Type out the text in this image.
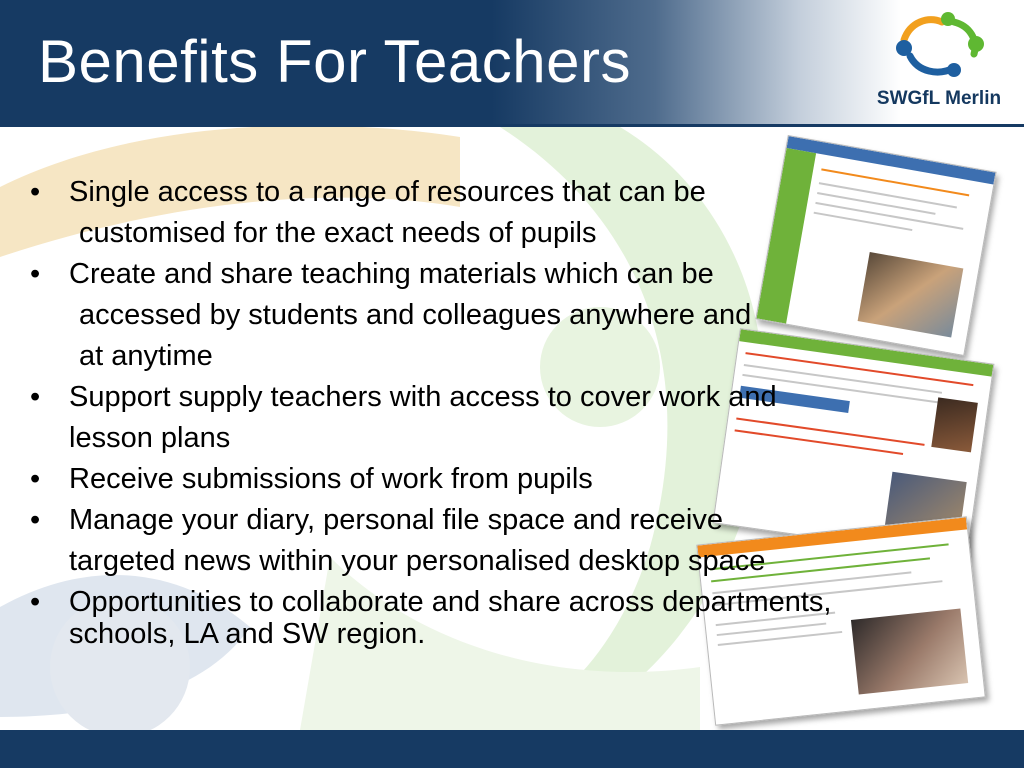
Benefits For Teachers
SWGfL Merlin
• Single access to a range of resources that can be
customised for the exact needs of pupils
• Create and share teaching materials which can be
accessed by students and colleagues anywhere and
at anytime
• Support supply teachers with access to cover work and
lesson plans
• Receive submissions of work from pupils
• Manage your diary, personal file space and receive
targeted news within your personalised desktop space
• Opportunities to collaborate and share across departments,
schools, LA and SW region.
